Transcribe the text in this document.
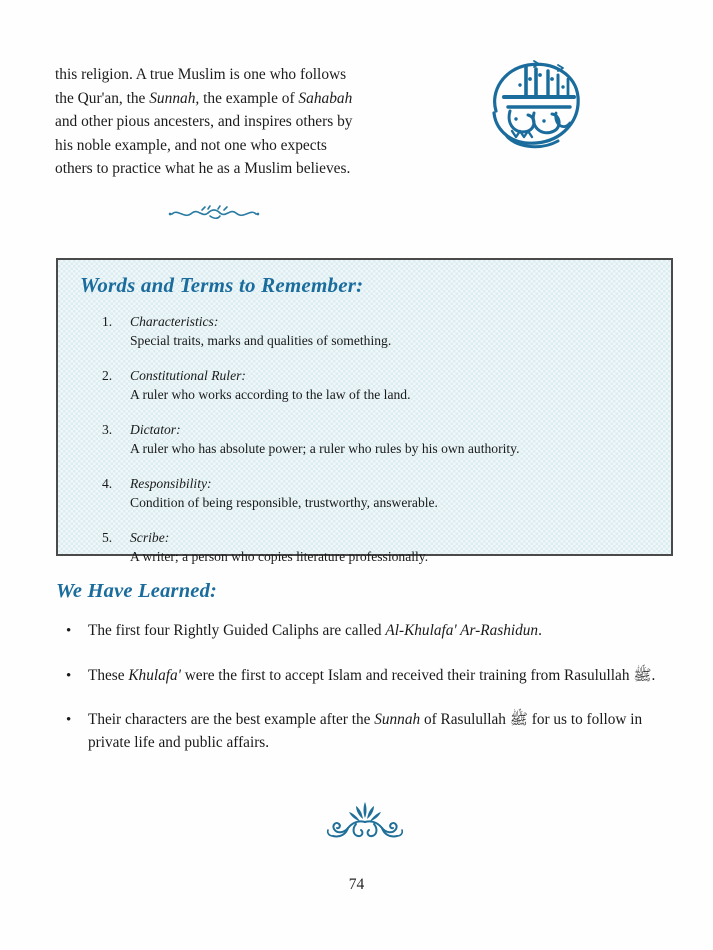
this religion. A true Muslim is one who follows the Qur'an, the Sunnah, the example of Sahabah and other pious ancesters, and inspires others by his noble example, and not one who expects others to practice what he as a Muslim believes.

Words and Terms to Remember:
1.	Characteristics:
Special traits, marks and qualities of something.
2.	Constitutional Ruler:
A ruler who works according to the law of the land.
3.	Dictator:
A ruler who has absolute power; a ruler who rules by his own authority.
4.	Responsibility:
Condition of being responsible, trustworthy, answerable.
5.	Scribe:
A writer; a person who copies literature professionally.
We Have Learned:
• The first four Rightly Guided Caliphs are called Al-Khulafa' Ar-Rashidun.
• These Khulafa' were the first to accept Islam and received their training from Rasulullah ﷺ.
• Their characters are the best example after the Sunnah of Rasulullah ﷺ for us to follow in private life and public affairs.
74
